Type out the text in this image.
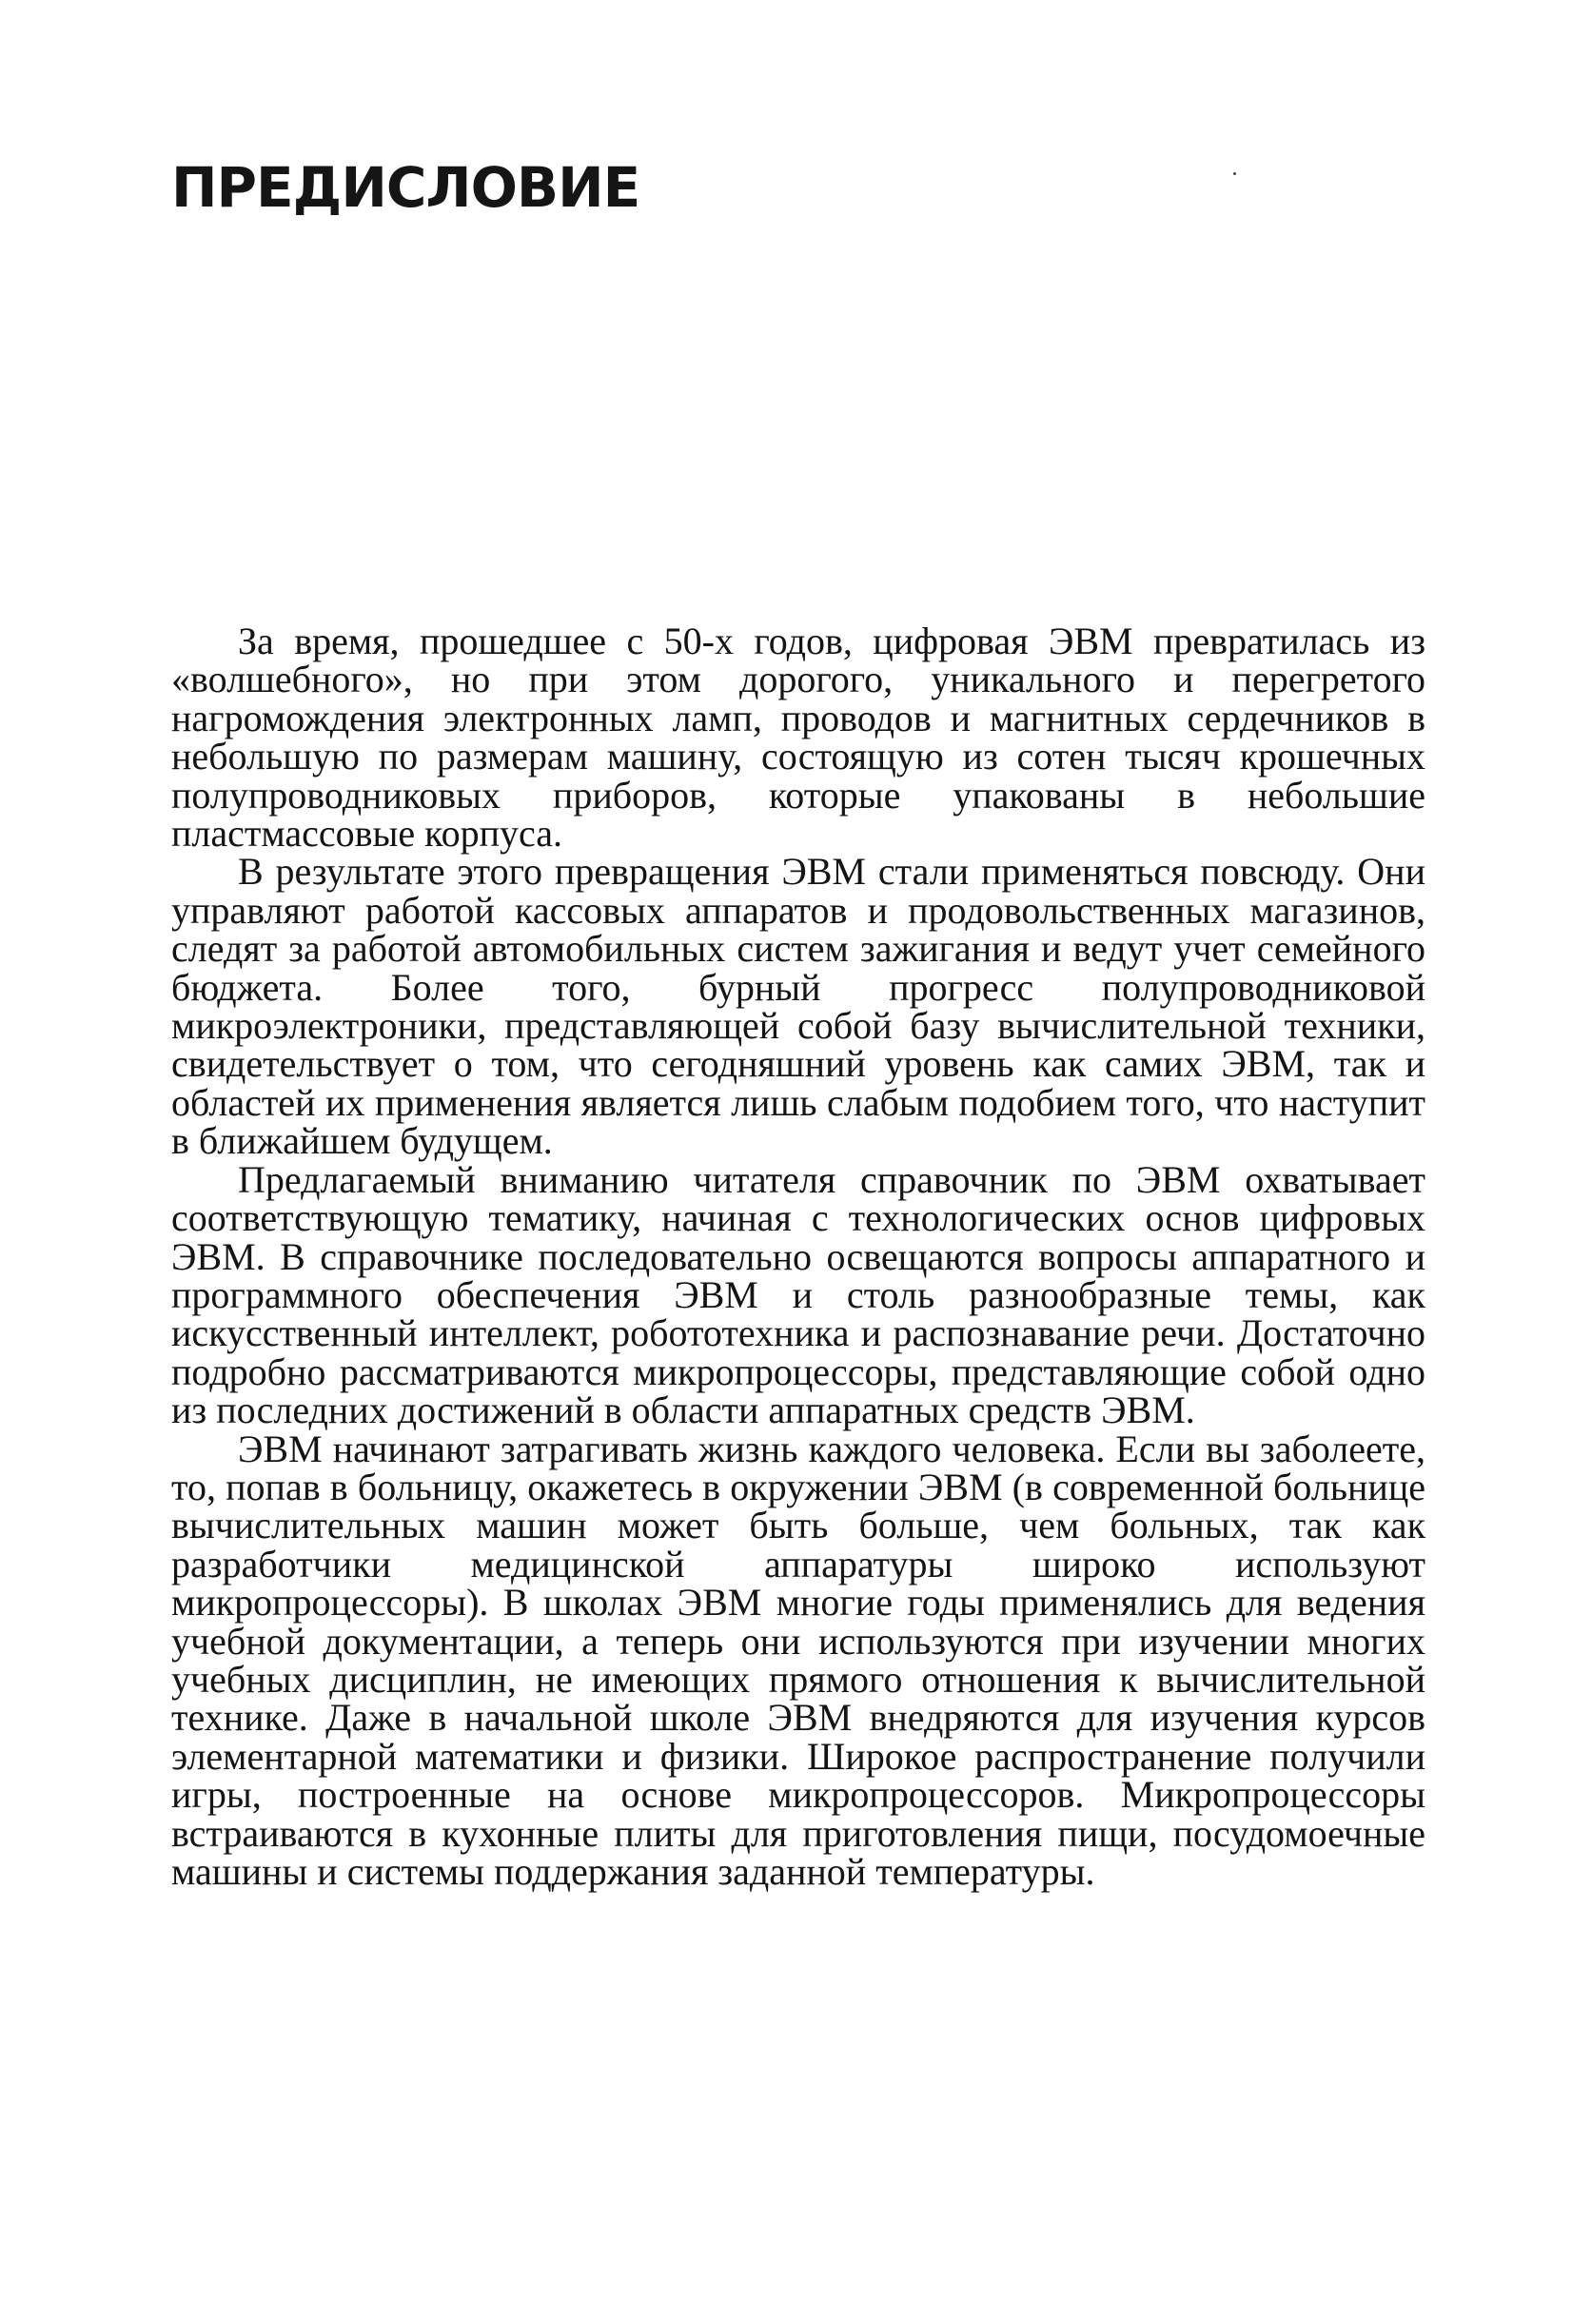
ПРЕДИСЛОВИЕ

За время, прошедшее с 50-х годов, цифровая ЭВМ превратилась из «волшебного», но при этом дорогого, уникального и перегретого нагромождения электронных ламп, проводов и магнитных сердечников в небольшую по размерам машину, состоящую из сотен тысяч крошечных полупроводниковых приборов, которые упакованы в небольшие пластмассовые корпуса.

В результате этого превращения ЭВМ стали применяться повсюду. Они управляют работой кассовых аппаратов и продовольственных магазинов, следят за работой автомобильных систем зажигания и ведут учет семейного бюджета. Более того, бурный прогресс полупроводниковой микроэлектроники, представляющей собой базу вычислительной техники, свидетельствует о том, что сегодняшний уровень как самих ЭВМ, так и областей их применения является лишь слабым подобием того, что наступит в ближайшем будущем.

Предлагаемый вниманию читателя справочник по ЭВМ охватывает соответствующую тематику, начиная с технологических основ цифровых ЭВМ. В справочнике последовательно освещаются вопросы аппаратного и программного обеспечения ЭВМ и столь разнообразные темы, как искусственный интеллект, робототехника и распознавание речи. Достаточно подробно рассматриваются микропроцессоры, представляющие собой одно из последних достижений в области аппаратных средств ЭВМ.

ЭВМ начинают затрагивать жизнь каждого человека. Если вы заболеете, то, попав в больницу, окажетесь в окружении ЭВМ (в современной больнице вычислительных машин может быть больше, чем больных, так как разработчики медицинской аппаратуры широко используют микропроцессоры). В школах ЭВМ многие годы применялись для ведения учебной документации, а теперь они используются при изучении многих учебных дисциплин, не имеющих прямого отношения к вычислительной технике. Даже в начальной школе ЭВМ внедряются для изучения курсов элементарной математики и физики. Широкое распространение получили игры, построенные на основе микропроцессоров. Микропроцессоры встраиваются в кухонные плиты для приготовления пищи, посудомоечные машины и системы поддержания заданной температуры.
